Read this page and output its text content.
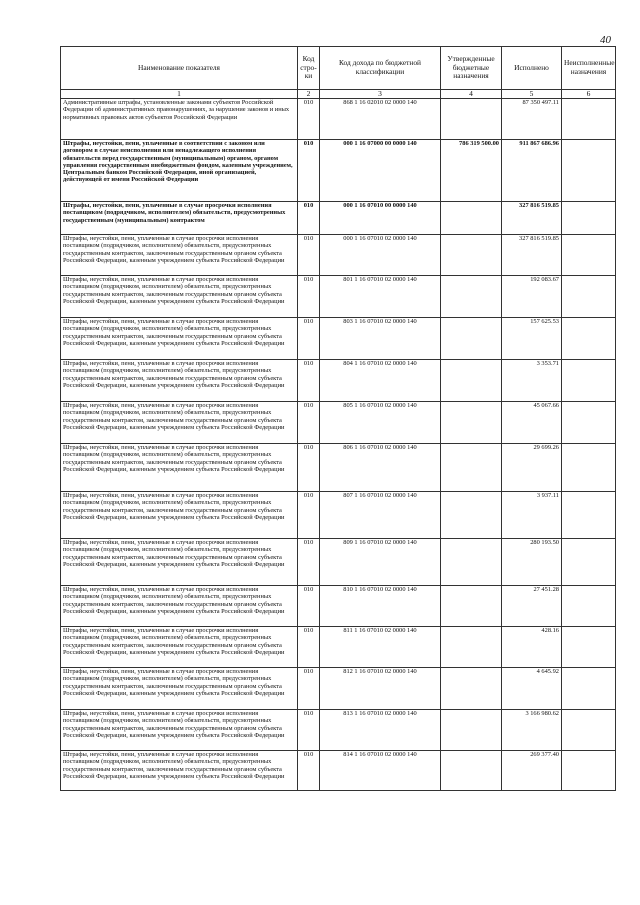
40
Наименование показателя	Код стро-ки	Код дохода по бюджетной классификации	Утвержденные бюджетные назначения	Исполнено	Неисполненные назначения
1	2	3	4	5	6
Административные штрафы, установленные законами субъектов Российской Федерации об административных правонарушениях, за нарушение законов и иных нормативных правовых актов субъектов Российской Федерации	010	868 1 16 02010 02 0000 140		87 350 497.11	
Штрафы, неустойки, пени, уплаченные в соответствии с законом или договором в случае неисполнения или ненадлежащего исполнения обязательств перед государственным (муниципальным) органом, органом управления государственным внебюджетным фондом, казенным учреждением, Центральным банком Российской Федерации, иной организацией, действующей от имени Российской Федерации	010	000 1 16 07000 00 0000 140	786 319 500.00	911 867 686.96	
Штрафы, неустойки, пени, уплаченные в случае просрочки исполнения поставщиком (подрядчиком, исполнителем) обязательств, предусмотренных государственным (муниципальным) контрактом	010	000 1 16 07010 00 0000 140		327 816 519.85	
Штрафы, неустойки, пени, уплаченные в случае просрочки исполнения поставщиком (подрядчиком, исполнителем) обязательств, предусмотренных государственным контрактом, заключенным государственным органом субъекта Российской Федерации, казенным учреждением субъекта Российской Федерации	010	000 1 16 07010 02 0000 140		327 816 519.85	
Штрафы, неустойки, пени, уплаченные в случае просрочки исполнения поставщиком (подрядчиком, исполнителем) обязательств, предусмотренных государственным контрактом, заключенным государственным органом субъекта Российской Федерации, казенным учреждением субъекта Российской Федерации	010	801 1 16 07010 02 0000 140		192 083.67	
Штрафы, неустойки, пени, уплаченные в случае просрочки исполнения поставщиком (подрядчиком, исполнителем) обязательств, предусмотренных государственным контрактом, заключенным государственным органом субъекта Российской Федерации, казенным учреждением субъекта Российской Федерации	010	803 1 16 07010 02 0000 140		157 625.53	
Штрафы, неустойки, пени, уплаченные в случае просрочки исполнения поставщиком (подрядчиком, исполнителем) обязательств, предусмотренных государственным контрактом, заключенным государственным органом субъекта Российской Федерации, казенным учреждением субъекта Российской Федерации	010	804 1 16 07010 02 0000 140		3 353.71	
Штрафы, неустойки, пени, уплаченные в случае просрочки исполнения поставщиком (подрядчиком, исполнителем) обязательств, предусмотренных государственным контрактом, заключенным государственным органом субъекта Российской Федерации, казенным учреждением субъекта Российской Федерации	010	805 1 16 07010 02 0000 140		45 067.66	
Штрафы, неустойки, пени, уплаченные в случае просрочки исполнения поставщиком (подрядчиком, исполнителем) обязательств, предусмотренных государственным контрактом, заключенным государственным органом субъекта Российской Федерации, казенным учреждением субъекта Российской Федерации	010	806 1 16 07010 02 0000 140		29 699.26	
Штрафы, неустойки, пени, уплаченные в случае просрочки исполнения поставщиком (подрядчиком, исполнителем) обязательств, предусмотренных государственным контрактом, заключенным государственным органом субъекта Российской Федерации, казенным учреждением субъекта Российской Федерации	010	807 1 16 07010 02 0000 140		3 937.11	
Штрафы, неустойки, пени, уплаченные в случае просрочки исполнения поставщиком (подрядчиком, исполнителем) обязательств, предусмотренных государственным контрактом, заключенным государственным органом субъекта Российской Федерации, казенным учреждением субъекта Российской Федерации	010	809 1 16 07010 02 0000 140		280 193.50	
Штрафы, неустойки, пени, уплаченные в случае просрочки исполнения поставщиком (подрядчиком, исполнителем) обязательств, предусмотренных государственным контрактом, заключенным государственным органом субъекта Российской Федерации, казенным учреждением субъекта Российской Федерации	010	810 1 16 07010 02 0000 140		27 451.28	
Штрафы, неустойки, пени, уплаченные в случае просрочки исполнения поставщиком (подрядчиком, исполнителем) обязательств, предусмотренных государственным контрактом, заключенным государственным органом субъекта Российской Федерации, казенным учреждением субъекта Российской Федерации	010	811 1 16 07010 02 0000 140		428.16	
Штрафы, неустойки, пени, уплаченные в случае просрочки исполнения поставщиком (подрядчиком, исполнителем) обязательств, предусмотренных государственным контрактом, заключенным государственным органом субъекта Российской Федерации, казенным учреждением субъекта Российской Федерации	010	812 1 16 07010 02 0000 140		4 645.92	
Штрафы, неустойки, пени, уплаченные в случае просрочки исполнения поставщиком (подрядчиком, исполнителем) обязательств, предусмотренных государственным контрактом, заключенным государственным органом субъекта Российской Федерации, казенным учреждением субъекта Российской Федерации	010	813 1 16 07010 02 0000 140		3 166 980.62	
Штрафы, неустойки, пени, уплаченные в случае просрочки исполнения поставщиком (подрядчиком, исполнителем) обязательств, предусмотренных государственным контрактом, заключенным государственным органом субъекта Российской Федерации, казенным учреждением субъекта Российской Федерации	010	814 1 16 07010 02 0000 140		269 377.40	
